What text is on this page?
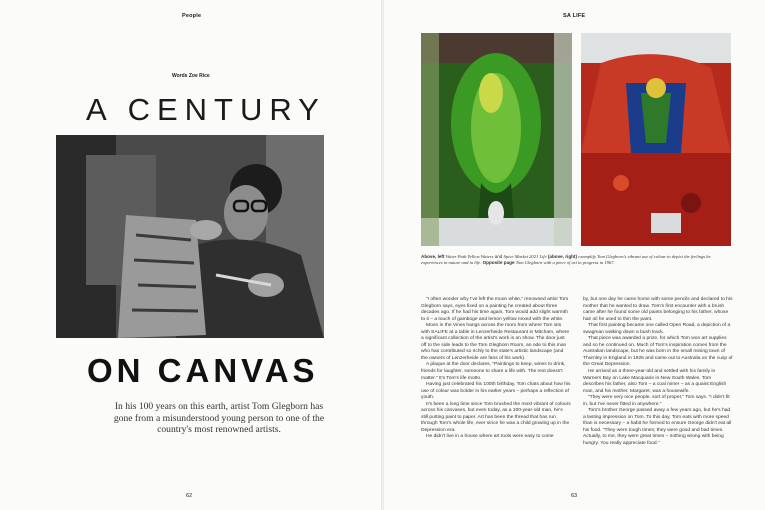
People
Words Zoe Rice
A CENTURY
ON CANVAS
In his 100 years on this earth, artist Tom Glegborn has gone from a misunderstood young person to one of the country's most renowned artists.
62
SA LIFE
Above, left Water Path Yellow Waters and Spice Market 2021 Life (above, right) exemplify Tom Glegborn's vibrant use of colour to depict the feelings he experiences in nature and in life. Opposite page Tom Glegborn with a piece of art in progress in 1967.

“I often wonder why I've left the moon white,” renowned artist Tom Glegborn says, eyes fixed on a painting he created about three decades ago. If he had his time again, Tom would add slight warmth to it – a touch of gamboge and lemon yellow mixed with the white.

Moon in the Vines hangs across the room from where Tom sits with SALIFE at a table in Lenzerheide Restaurant in Mitcham, where a significant collection of the artist's work is on show. The door just off to the side leads to the Tom Glegborn Room, an ode to this man who has contributed so richly to the state's artistic landscape (and the owners of Lenzerheide are fans of his work).

A plaque at the door declares, “Paintings to keep, wines to drink, friends for laughter, someone to share a life with. The rest doesn't matter.” It's Tom's life motto.

Having just celebrated his 100th birthday, Tom chats about how his use of colour was bolder in his earlier years – perhaps a reflection of youth.

It's been a long time since Tom brushed the most vibrant of colours across his canvases, but even today, as a 100-year-old man, he's still putting paint to paper. Art has been the thread that has run through Tom's whole life, ever since he was a child growing up in the Depression era.

He didn't live in a house where art tools were easy to come

by, but one day he came home with some pencils and declared to his mother that he wanted to draw. Tom's first encounter with a brush came after he found some old paints belonging to his father, whose hair oil he used to thin the paint.

That first painting became one called Open Road, a depiction of a swagman walking down a bush track.

That piece was awarded a prize, for which Tom won art supplies and so he continued on. Much of Tom's inspiration comes from the Australian landscape, but he was born in the small mining town of Thornley in England in 1925 and came out to Australia on the cusp of the Great Depression.

He arrived as a three-year-old and settled with his family in Warners Bay on Lake Macquarie in New South Wales. Tom describes his father, also Tom – a coal miner – as a quaint English man, and his mother, Margaret, was a housewife.

“They were very nice people, sort of proper,” Tom says. “I didn't fit in, but I've never fitted in anywhere.”

Tom's brother George passed away a few years ago, but he's had a lasting impression on Tom. To this day, Tom eats with more speed than is necessary – a habit he formed to ensure George didn't eat all his food. “They were tough times; they were good and bad times. Actually, to me, they were great times – nothing wrong with being hungry. You really appreciate food.”

63
